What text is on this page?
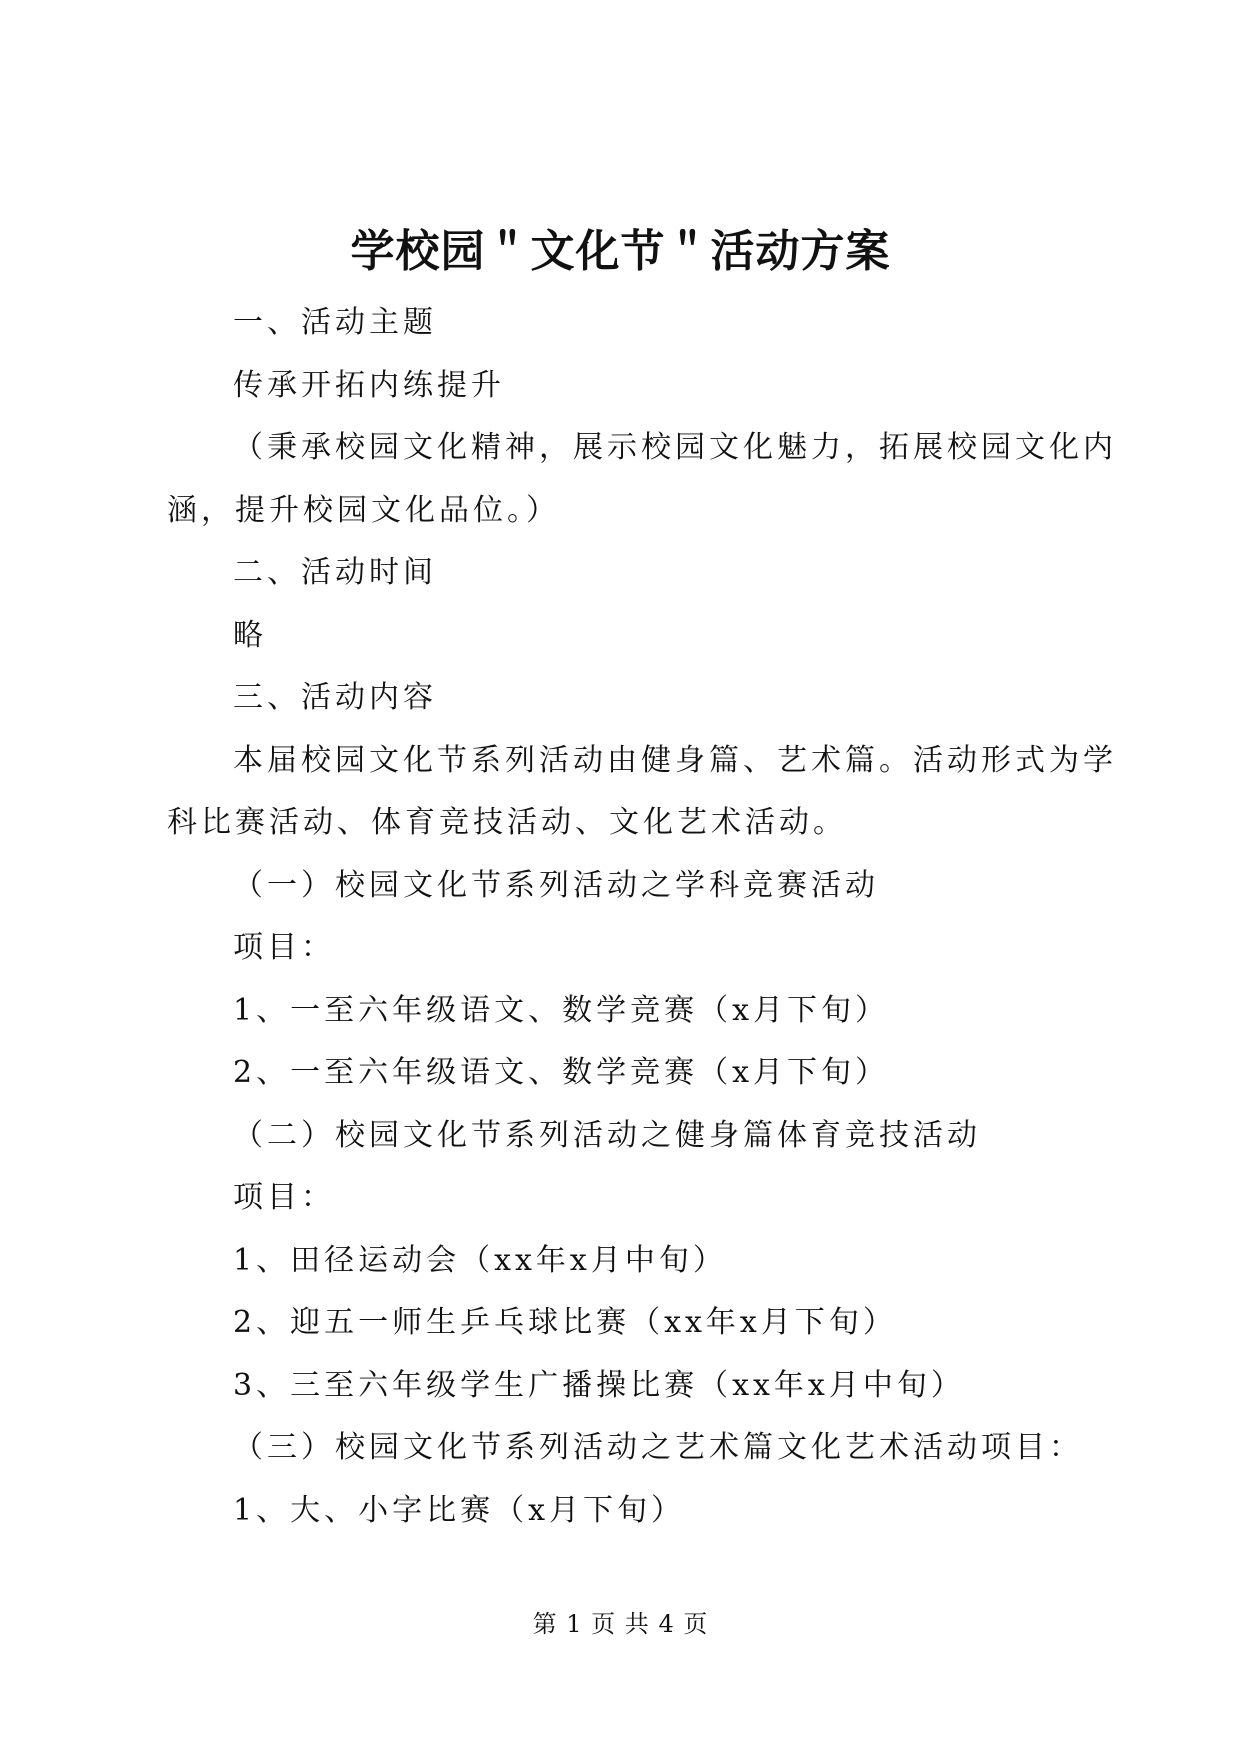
学校园＂文化节＂活动方案
一、活动主题
传承开拓内练提升
（秉承校园文化精神，展示校园文化魅力，拓展校园文化内
涵，提升校园文化品位。）
二、活动时间
略
三、活动内容
本届校园文化节系列活动由健身篇、艺术篇。活动形式为学
科比赛活动、体育竞技活动、文化艺术活动。
（一）校园文化节系列活动之学科竞赛活动
项目：
1、一至六年级语文、数学竞赛（x月下旬）
2、一至六年级语文、数学竞赛（x月下旬）
（二）校园文化节系列活动之健身篇体育竞技活动
项目：
1、田径运动会（xx年x月中旬）
2、迎五一师生乒乓球比赛（xx年x月下旬）
3、三至六年级学生广播操比赛（xx年x月中旬）
（三）校园文化节系列活动之艺术篇文化艺术活动项目：
1、大、小字比赛（x月下旬）
第 1 页 共 4 页
